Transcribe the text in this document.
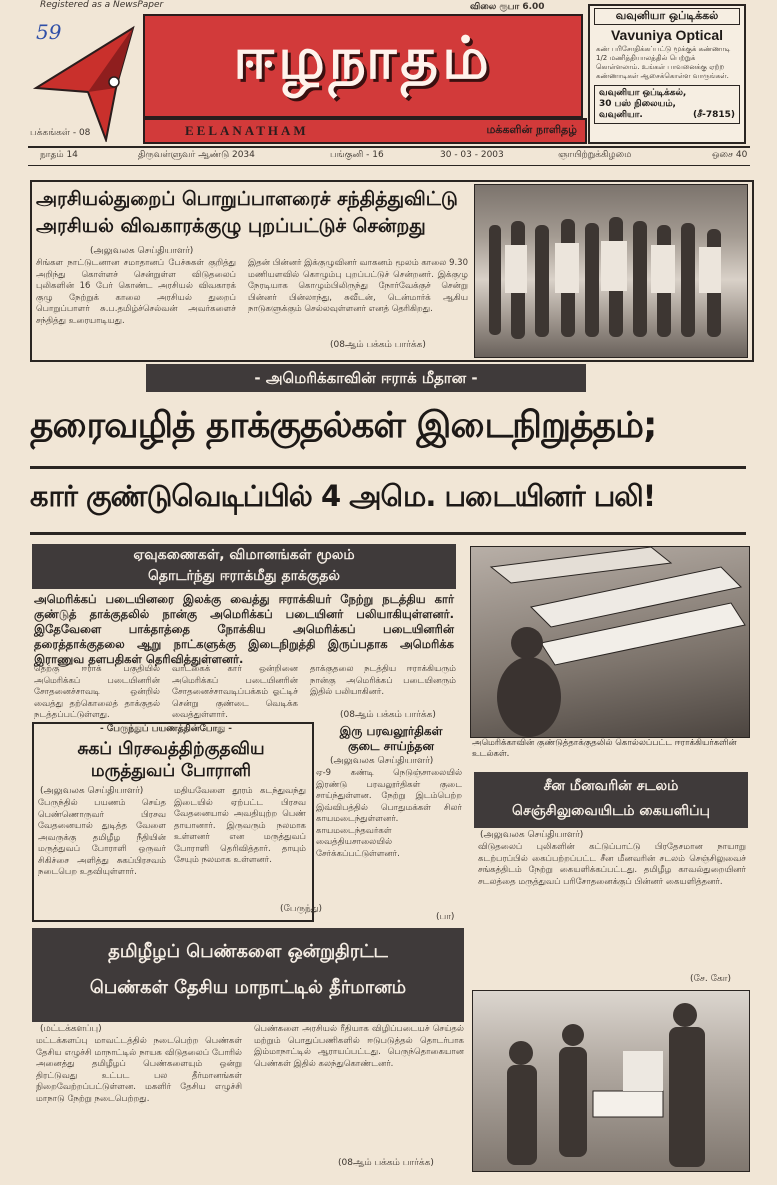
Registered as a NewsPaper	விலை ரூபா 6.00
59	ஈழநாதம்
EELANATHAM	மக்களின் நாளிதழ்
பக்கங்கள் - 08
வவுனியா ஒப்டிக்கல்
Vavuniya Optical
கண் பரிசோதிக்கப்பட்டு மூக்குக் கண்ணாடி 1/2 மணித்தியாலத்தில் பெற்றுக் கொள்ளலாம். உங்கள் பாவனைக்கு ஏற்ற கண்ணாடிகள் ஆசைக்கொள்ள வாருங்கள்.
வவுனியா ஒப்டிக்கல்,
30 பஸ் நிலையம்,
வவுனியா.	(சீ-7815)
நாதம் 14	திருவள்ளுவர் ஆண்டு 2034	பங்குனி - 16	30 - 03 - 2003	ஞாயிற்றுக்கிழமை	ஒசை 40
அரசியல்துறைப் பொறுப்பாளரைச் சந்தித்துவிட்டு
அரசியல் விவகாரக்குழு புறப்பட்டுச் சென்றது
(அலுவலக செய்தியாளர்)
சிங்கள நாட்டுடனான சமாதானப் பேச்சுகள் குறித்து அறிந்து கொள்ளச் சென்றுள்ள விடுதலைப் புலிகளின் 16 பேர் கொண்ட அரசியல் விவகாரக் குழு நேற்றுக் காலை அரசியல் துறைப் பொறுப்பாளர் சு.ப.தமிழ்ச்செல்வன் அவர்களைச் சந்தித்து உரையாடியது.
இதன் பின்னர் இக்குழுவினர் வாகனம் மூலம் காலை 9.30 மணியளவில் கொழும்பு புறப்பட்டுச் சென்றனர். இக்குழு நேரடியாக கொழும்பிலிருந்து நோர்வேக்குச் சென்று பின்னர் பின்லாந்து, சுவீடன், டென்மார்க் ஆகிய நாடுகளுக்கும் செல்லவுள்ளனர் எனத் தெரிகிறது.
(08ஆம் பக்கம் பார்க்க)
- அமெரிக்காவின் ஈராக் மீதான -
தரைவழித் தாக்குதல்கள் இடைநிறுத்தம்;
கார் குண்டுவெடிப்பில் 4 அமெ. படையினர் பலி!
ஏவுகணைகள், விமானங்கள் மூலம்
தொடர்ந்து ஈராக்மீது தாக்குதல்
அமெரிக்கப் படையினரை இலக்கு வைத்து ஈராக்கியர் நேற்று நடத்திய கார் குண்டுத் தாக்குதலில் நான்கு அமெரிக்கப் படையினர் பலியாகியுள்ளனர். இதேவேளை பாக்தாத்தை நோக்கிய அமெரிக்கப் படையினரின் தரைத்தாக்குதலை ஆறு நாட்களுக்கு இடைநிறுத்தி இருப்பதாக அமெரிக்க இராணுவ தளபதிகள் தெரிவித்துள்ளனர்.
தெற்கு ஈராக் பகுதியில் அமெரிக்கப் படையினரின் சோதனைச்சாவடி ஒன்றில் வைத்து தற்கொலைத் தாக்குதல் நடத்தப்பட்டுள்ளது.
வாடகைக் கார் ஒன்றினை அமெரிக்கப் படையினரின் சோதனைச்சாவடிப்பக்கம் ஓட்டிச் சென்று குண்டை வெடிக்க வைத்துள்ளார்.
தாக்குதலை நடத்திய ஈராக்கியரும் நான்கு அமெரிக்கப் படையினரும் இதில் பலியாகினர்.
(08ஆம் பக்கம் பார்க்க)
அமெரிக்காவின் குண்டுத்தாக்குதலில் கொல்லப்பட்ட ஈராக்கியர்களின் உடல்கள்.
இரு பரவலூர்திகள்
குடை சாய்ந்தன
(அலுவலக செய்தியாளர்)
ஏ-9 கண்டி நெடுஞ்சாலையில் இரண்டு பரவலூர்திகள் குடை சாய்ந்துள்ளன. நேற்று இடம்பெற்ற இவ்விபத்தில் பொதுமக்கள் சிலர் காயமடைந்துள்ளனர். காயமடைந்தவர்கள் வைத்தியசாலையில் சேர்க்கப்பட்டுள்ளனர்.
(பா)
- பேருந்துப் பயணத்தின்போது -
சுகப் பிரசவத்திற்குதவிய
மருத்துவப் போராளி
(அலுவலக செய்தியாளர்)
பேருந்தில் பயணம் செய்த பெண்ணொருவர் பிரசவ வேதனையால் துடித்த வேளை அவருக்கு தமிழீழ நீதியின் மருத்துவப் போராளி ஒருவர் சிகிச்சை அளித்து சுகப்பிரசவம் நடைபெற உதவியுள்ளார்.
மதியவேளை தூரம் கடந்துவந்து இடையில் ஏற்பட்ட பிரசவ வேதனையால் அவதியுற்ற பெண் தாயானார். இருவரும் நலமாக உள்ளனர் என மருத்துவப் போராளி தெரிவித்தார். தாயும் சேயும் நலமாக உள்ளனர்.
(பேருந்து)
சீன மீனவரின் சடலம்
செஞ்சிலுவையிடம் கையளிப்பு
(அலுவலக செய்தியாளர்)
விடுதலைப் புலிகளின் கட்டுப்பாட்டு பிரதேசமான நாயாறு கடற்பரப்பில் கைப்பற்றப்பட்ட சீன மீனவரின் சடலம் செஞ்சிலுவைச் சங்கத்திடம் நேற்று கையளிக்கப்பட்டது. தமிழீழ காவல்துறையினர் சடலத்தை மருத்துவப் பரிசோதனைக்குப் பின்னர் கையளித்தனர்.
(சே. கோ)
தமிழீழப் பெண்களை ஒன்றுதிரட்ட
பெண்கள் தேசிய மாநாட்டில் தீர்மானம்
(மட்டக்களப்பு)
மட்டக்களப்பு மாவட்டத்தில் நடைபெற்ற பெண்கள் தேசிய எழுச்சி மாநாட்டில் நாயக விடுதலைப் போரில் அனைத்து தமிழீழப் பெண்களையும் ஒன்று திரட்டுவது உட்பட பல தீர்மானங்கள் நிறைவேற்றப்பட்டுள்ளன. மகளிர் தேசிய எழுச்சி மாநாடு நேற்று நடைபெற்றது.
பெண்களை அரசியல் ரீதியாக விழிப்படையச் செய்தல் மற்றும் பொதுப்பணிகளில் ஈடுபடுத்தல் தொடர்பாக இம்மாநாட்டில் ஆராயப்பட்டது. பெருந்தொகையான பெண்கள் இதில் கலந்துகொண்டனர்.
(08ஆம் பக்கம் பார்க்க)
